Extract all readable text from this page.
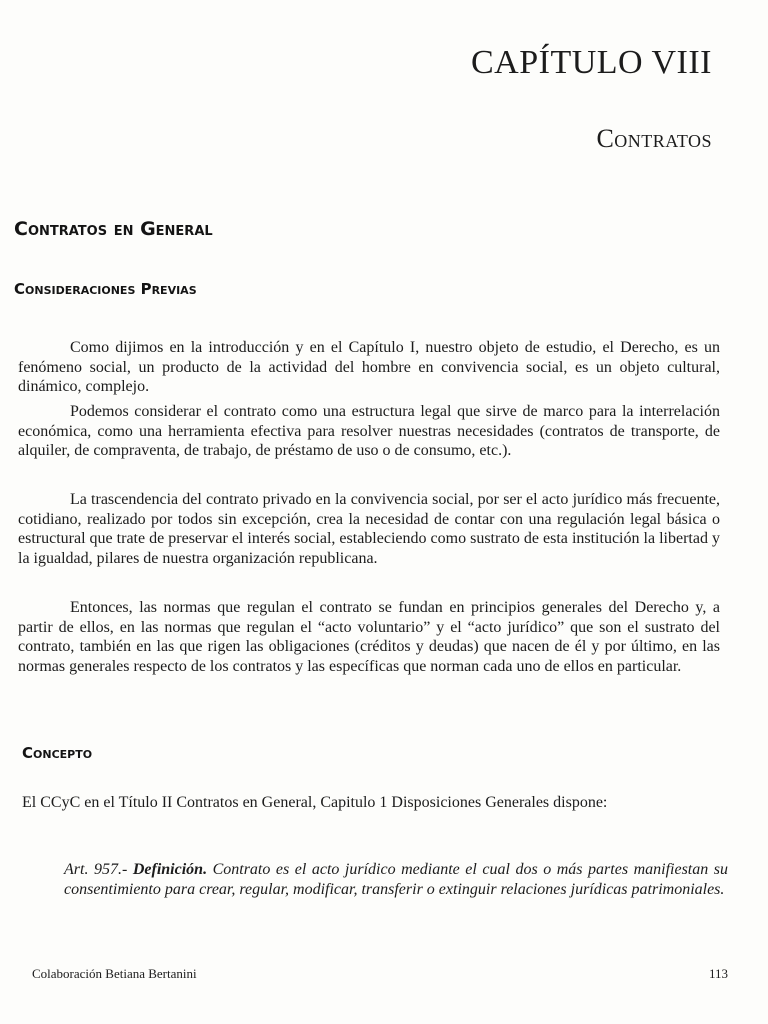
CAPÍTULO VIII
Contratos
Contratos en General
Consideraciones Previas

Como dijimos en la introducción y en el Capítulo I, nuestro objeto de estudio, el Derecho, es un fenómeno social, un producto de la actividad del hombre en convivencia social, es un objeto cultural, dinámico, complejo.

Podemos considerar el contrato como una estructura legal que sirve de marco para la interrelación económica, como una herramienta efectiva para resolver nuestras necesidades (contratos de transporte, de alquiler, de compraventa, de trabajo, de préstamo de uso o de consumo, etc.).

La trascendencia del contrato privado en la convivencia social, por ser el acto jurídico más frecuente, cotidiano, realizado por todos sin excepción, crea la necesidad de contar con una regulación legal básica o estructural que trate de preservar el interés social, estableciendo como sustrato de esta institución la libertad y la igualdad, pilares de nuestra organización republicana.

Entonces, las normas que regulan el contrato se fundan en principios generales del Derecho y, a partir de ellos, en las normas que regulan el “acto voluntario” y el “acto jurídico” que son el sustrato del contrato, también en las que rigen las obligaciones (créditos y deudas) que nacen de él y por último, en las normas generales respecto de los contratos y las específicas que norman cada uno de ellos en particular.

Concepto

El CCyC en el Título II Contratos en General, Capitulo 1 Disposiciones Generales dispone:

Art. 957.- Definición. Contrato es el acto jurídico mediante el cual dos o más partes manifiestan su consentimiento para crear, regular, modificar, transferir o extinguir relaciones jurídicas patrimoniales.

Colaboración Betiana Bertanini	113
